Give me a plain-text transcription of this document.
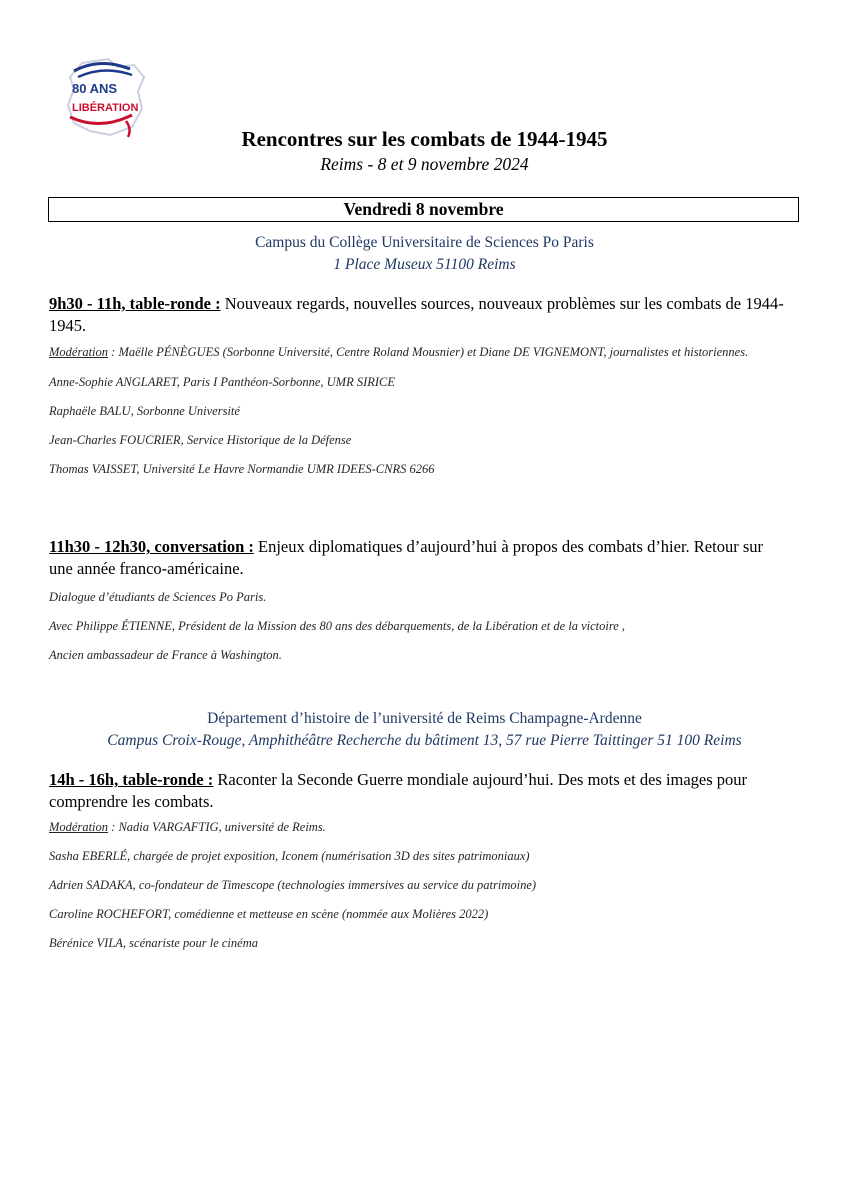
80 ANS
LIBÉRATION
Rencontres sur les combats de 1944-1945
Reims - 8 et 9 novembre 2024
Vendredi 8 novembre
Campus du Collège Universitaire de Sciences Po Paris
1 Place Museux 51100 Reims

9h30 - 11h, table-ronde : Nouveaux regards, nouvelles sources, nouveaux problèmes sur les combats de 1944-1945.

Modération : Maëlle PÉNÈGUES (Sorbonne Université, Centre Roland Mousnier) et Diane DE VIGNEMONT, journalistes et historiennes.

Anne-Sophie ANGLARET, Paris I Panthéon-Sorbonne, UMR SIRICE

Raphaële BALU, Sorbonne Université

Jean-Charles FOUCRIER, Service Historique de la Défense

Thomas VAISSET, Université Le Havre Normandie UMR IDEES-CNRS 6266

11h30 - 12h30, conversation : Enjeux diplomatiques d’aujourd’hui à propos des combats d’hier. Retour sur une année franco-américaine.

Dialogue d’étudiants de Sciences Po Paris.

Avec Philippe ÉTIENNE, Président de la Mission des 80 ans des débarquements, de la Libération et de la victoire ,

Ancien ambassadeur de France à Washington.

Département d’histoire de l’université de Reims Champagne-Ardenne
Campus Croix-Rouge, Amphithéâtre Recherche du bâtiment 13, 57 rue Pierre Taittinger 51 100 Reims

14h - 16h, table-ronde : Raconter la Seconde Guerre mondiale aujourd’hui. Des mots et des images pour comprendre les combats.

Modération : Nadia VARGAFTIG, université de Reims.

Sasha EBERLÉ, chargée de projet exposition, Iconem (numérisation 3D des sites patrimoniaux)

Adrien SADAKA, co-fondateur de Timescope (technologies immersives au service du patrimoine)

Caroline ROCHEFORT, comédienne et metteuse en scène (nommée aux Molières 2022)

Bérénice VILA, scénariste pour le cinéma
